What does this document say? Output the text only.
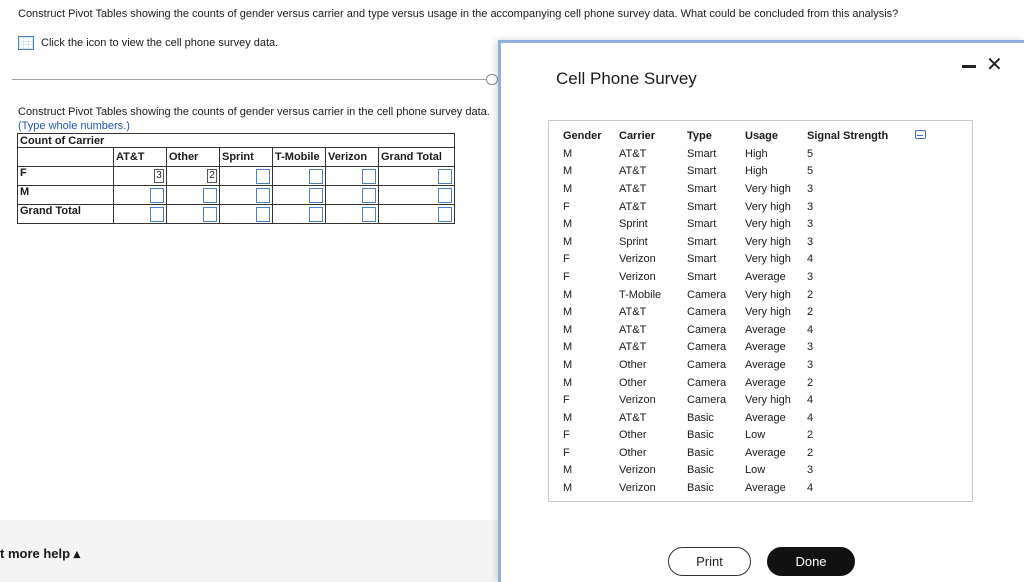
Construct Pivot Tables showing the counts of gender versus carrier and type versus usage in the accompanying cell phone survey data. What could be concluded from this analysis?
Click the icon to view the cell phone survey data.
Construct Pivot Tables showing the counts of gender versus carrier in the cell phone survey data.
(Type whole numbers.)
Count of Carrier						
	AT&T	Other	Sprint	T-Mobile	Verizon	Grand Total
F	3	2				

M	

Grand Total	

t more help ▴
Cell Phone Survey
✕
Gender	Carrier	Type	Usage	Signal Strength
M	AT&T	Smart	High	5
M	AT&T	Smart	High	5
M	AT&T	Smart	Very high	3
F	AT&T	Smart	Very high	3
M	Sprint	Smart	Very high	3
M	Sprint	Smart	Very high	3
F	Verizon	Smart	Very high	4
F	Verizon	Smart	Average	3
M	T-Mobile	Camera	Very high	2
M	AT&T	Camera	Very high	2
M	AT&T	Camera	Average	4
M	AT&T	Camera	Average	3
M	Other	Camera	Average	3
M	Other	Camera	Average	2
F	Verizon	Camera	Very high	4
M	AT&T	Basic	Average	4
F	Other	Basic	Low	2
F	Other	Basic	Average	2
M	Verizon	Basic	Low	3
M	Verizon	Basic	Average	4
Print	Done
